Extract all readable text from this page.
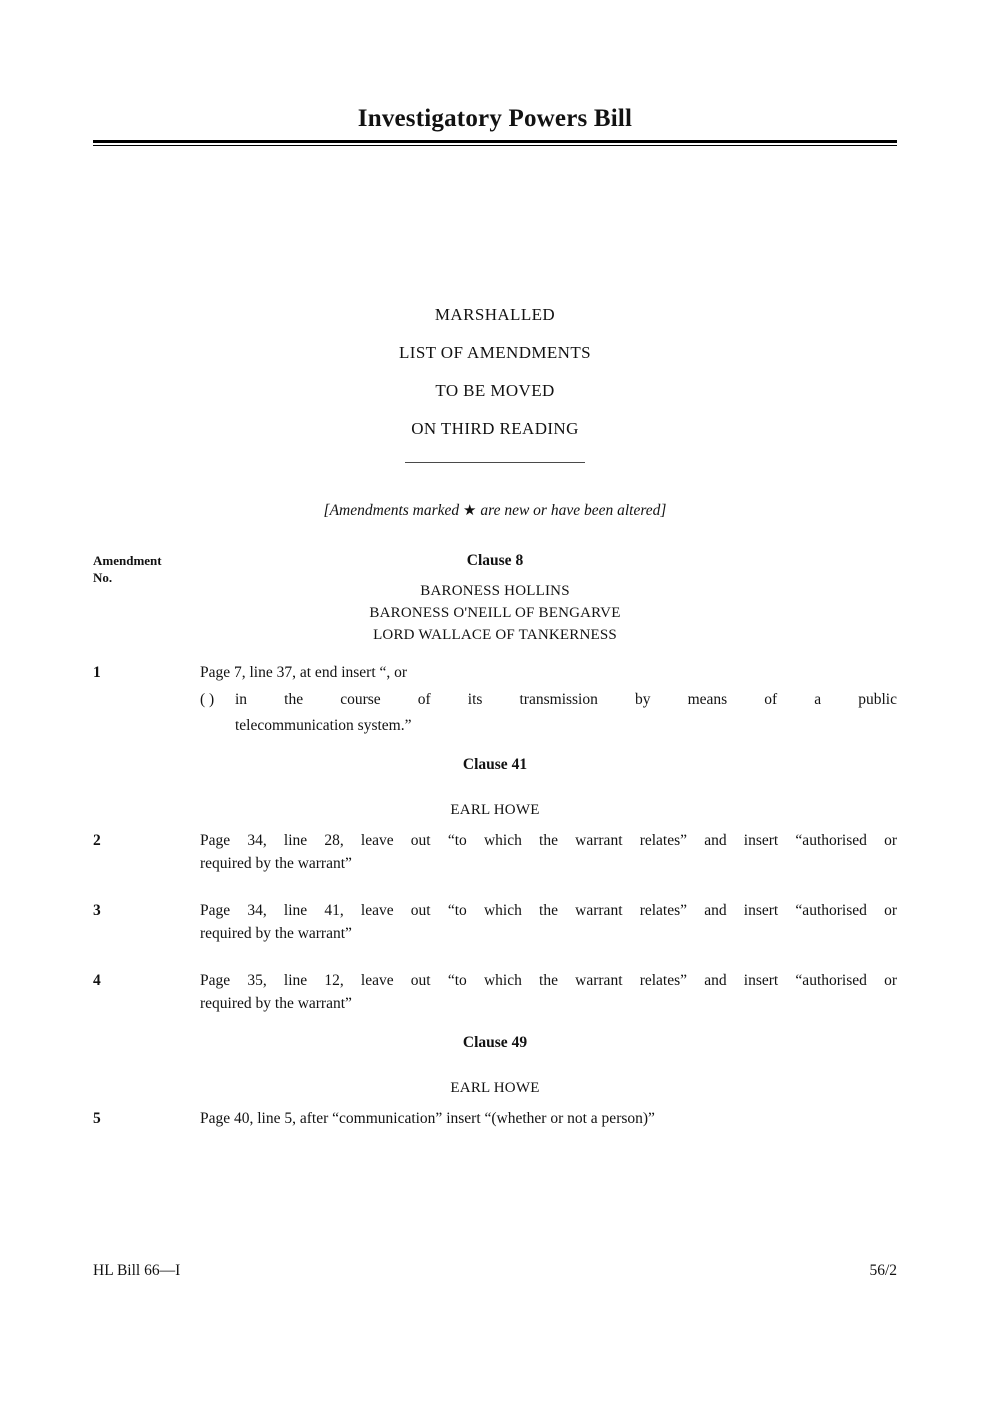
Investigatory Powers Bill
MARSHALLED
LIST OF AMENDMENTS
TO BE MOVED
ON THIRD READING

[Amendments marked ★ are new or have been altered]

Amendment
No.
Clause 8
BARONESS HOLLINS
BARONESS O'NEILL OF BENGARVE
LORD WALLACE OF TANKERNESS
1	Page 7, line 37, at end insert “, or
( ) in the course of its transmission by means of a public
telecommunication system.”
Clause 41
EARL HOWE
2	Page 34, line 28, leave out “to which the warrant relates” and insert “authorised or
required by the warrant”
3	Page 34, line 41, leave out “to which the warrant relates” and insert “authorised or
required by the warrant”
4	Page 35, line 12, leave out “to which the warrant relates” and insert “authorised or
required by the warrant”
Clause 49
EARL HOWE
5	Page 40, line 5, after “communication” insert “(whether or not a person)”
HL Bill 66—I	56/2
